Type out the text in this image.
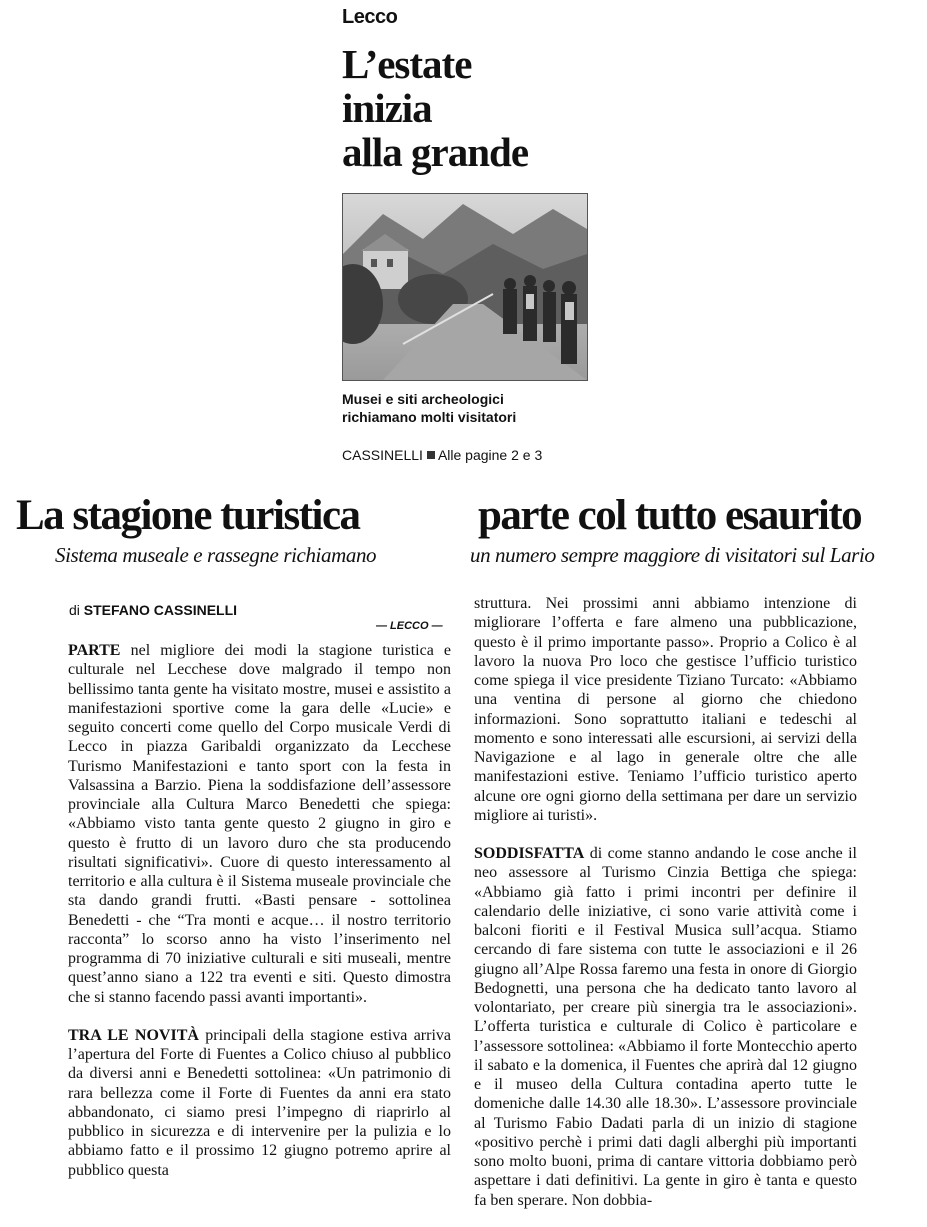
Lecco
L’estate
inizia
alla grande
Musei e siti archeologici
richiamano molti visitatori
CASSINELLI Alle pagine 2 e 3
La stagione turistica	parte col tutto esaurito
Sistema museale e rassegne richiamano	un numero sempre maggiore di visitatori sul Lario
di STEFANO CASSINELLI
— LECCO —

PARTE nel migliore dei modi la stagione turistica e culturale nel Lecchese dove malgrado il tempo non bellissimo tanta gente ha visitato mostre, musei e assistito a manifestazioni sportive come la gara delle «Lucie» e seguito concerti come quello del Corpo musicale Verdi di Lecco in piazza Garibaldi organizzato da Lecchese Turismo Manifestazioni e tanto sport con la festa in Valsassina a Barzio. Piena la soddisfazione dell’assessore provinciale alla Cultura Marco Benedetti che spiega: «Abbiamo visto tanta gente questo 2 giugno in giro e questo è frutto di un lavoro duro che sta producendo risultati significativi». Cuore di questo interessamento al territorio e alla cultura è il Sistema museale provinciale che sta dando grandi frutti. «Basti pensare - sottolinea Benedetti - che “Tra monti e acque… il nostro territorio racconta” lo scorso anno ha visto l’inserimento nel programma di 70 iniziative culturali e siti museali, mentre quest’anno siano a 122 tra eventi e siti. Questo dimostra che si stanno facendo passi avanti importanti».

TRA LE NOVITÀ principali della stagione estiva arriva l’apertura del Forte di Fuentes a Colico chiuso al pubblico da diversi anni e Benedetti sottolinea: «Un patrimonio di rara bellezza come il Forte di Fuentes da anni era stato abbandonato, ci siamo presi l’impegno di riaprirlo al pubblico in sicurezza e di intervenire per la pulizia e lo abbiamo fatto e il prossimo 12 giugno potremo aprire al pubblico questa

struttura. Nei prossimi anni abbiamo intenzione di migliorare l’offerta e fare almeno una pubblicazione, questo è il primo importante passo». Proprio a Colico è al lavoro la nuova Pro loco che gestisce l’ufficio turistico come spiega il vice presidente Tiziano Turcato: «Abbiamo una ventina di persone al giorno che chiedono informazioni. Sono soprattutto italiani e tedeschi al momento e sono interessati alle escursioni, ai servizi della Navigazione e al lago in generale oltre che alle manifestazioni estive. Teniamo l’ufficio turistico aperto alcune ore ogni giorno della settimana per dare un servizio migliore ai turisti».

SODDISFATTA di come stanno andando le cose anche il neo assessore al Turismo Cinzia Bettiga che spiega: «Abbiamo già fatto i primi incontri per definire il calendario delle iniziative, ci sono varie attività come i balconi fioriti e il Festival Musica sull’acqua. Stiamo cercando di fare sistema con tutte le associazioni e il 26 giugno all’Alpe Rossa faremo una festa in onore di Giorgio Bedognetti, una persona che ha dedicato tanto lavoro al volontariato, per creare più sinergia tra le associazioni». L’offerta turistica e culturale di Colico è particolare e l’assessore sottolinea: «Abbiamo il forte Montecchio aperto il sabato e la domenica, il Fuentes che aprirà dal 12 giugno e il museo della Cultura contadina aperto tutte le domeniche dalle 14.30 alle 18.30». L’assessore provinciale al Turismo Fabio Dadati parla di un inizio di stagione «positivo perchè i primi dati dagli alberghi più importanti sono molto buoni, prima di cantare vittoria dobbiamo però aspettare i dati definitivi. La gente in giro è tanta e questo fa ben sperare. Non dobbia-
